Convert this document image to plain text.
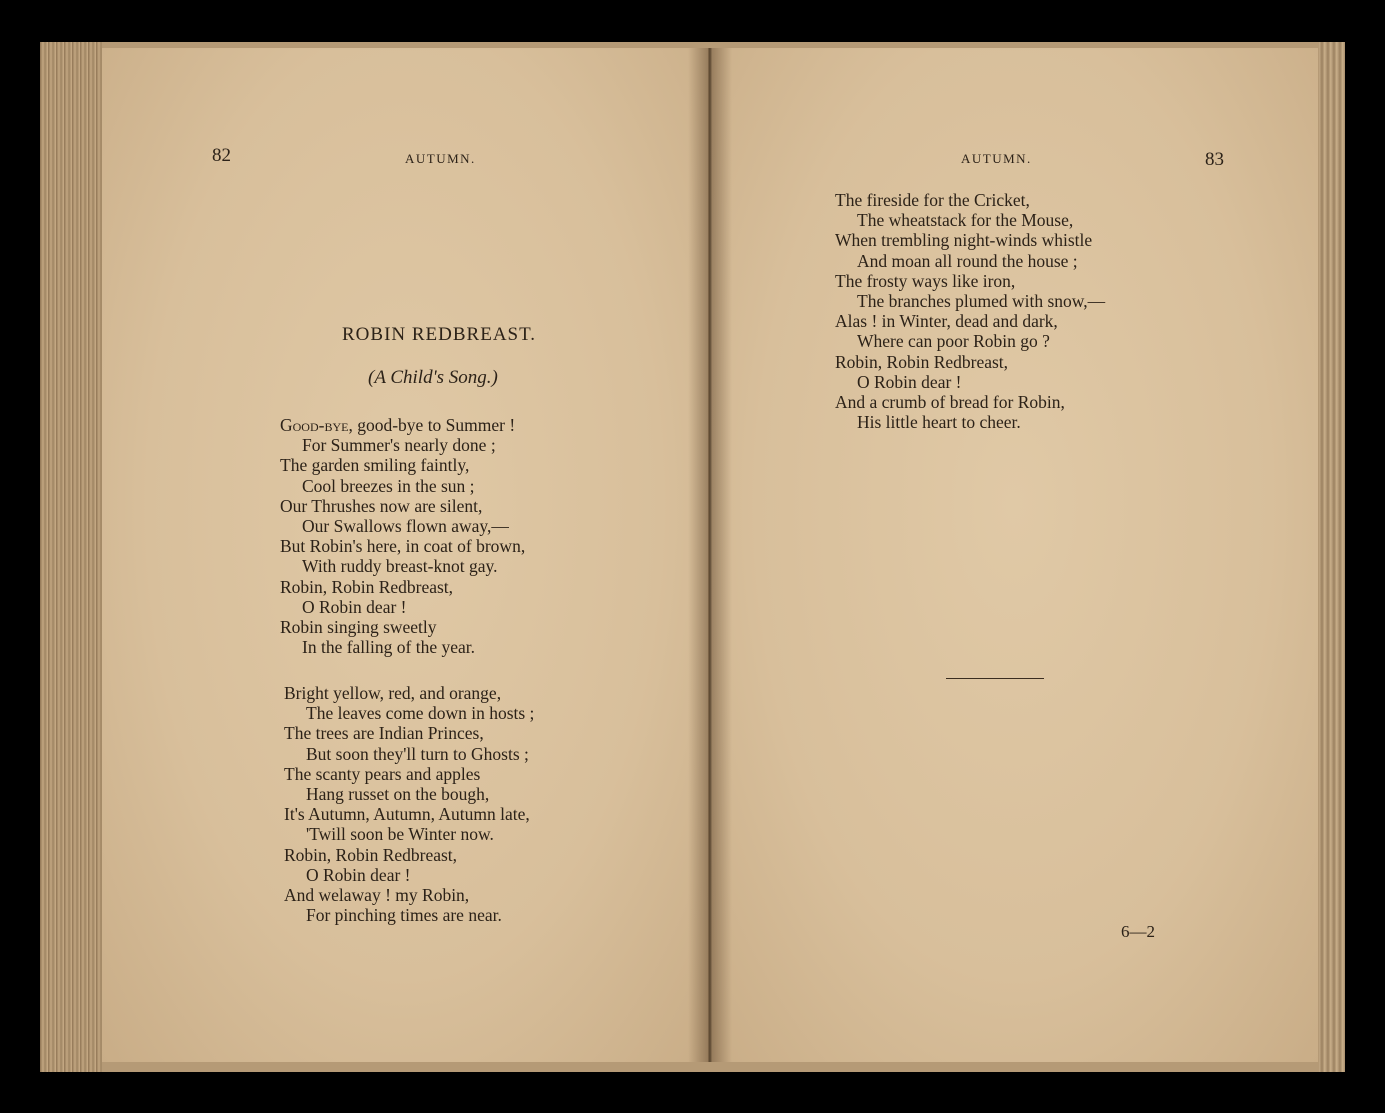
82	AUTUMN.
ROBIN REDBREAST.
(A Child's Song.)
Good-bye, good-bye to Summer !
For Summer's nearly done ;
The garden smiling faintly,
Cool breezes in the sun ;
Our Thrushes now are silent,
Our Swallows flown away,—
But Robin's here, in coat of brown,
With ruddy breast-knot gay.
Robin, Robin Redbreast,
O Robin dear !
Robin singing sweetly
In the falling of the year.
Bright yellow, red, and orange,
The leaves come down in hosts ;
The trees are Indian Princes,
But soon they'll turn to Ghosts ;
The scanty pears and apples
Hang russet on the bough,
It's Autumn, Autumn, Autumn late,
'Twill soon be Winter now.
Robin, Robin Redbreast,
O Robin dear !
And welaway ! my Robin,
For pinching times are near.
AUTUMN.	83
The fireside for the Cricket,
The wheatstack for the Mouse,
When trembling night-winds whistle
And moan all round the house ;
The frosty ways like iron,
The branches plumed with snow,—
Alas ! in Winter, dead and dark,
Where can poor Robin go ?
Robin, Robin Redbreast,
O Robin dear !
And a crumb of bread for Robin,
His little heart to cheer.
6—2
